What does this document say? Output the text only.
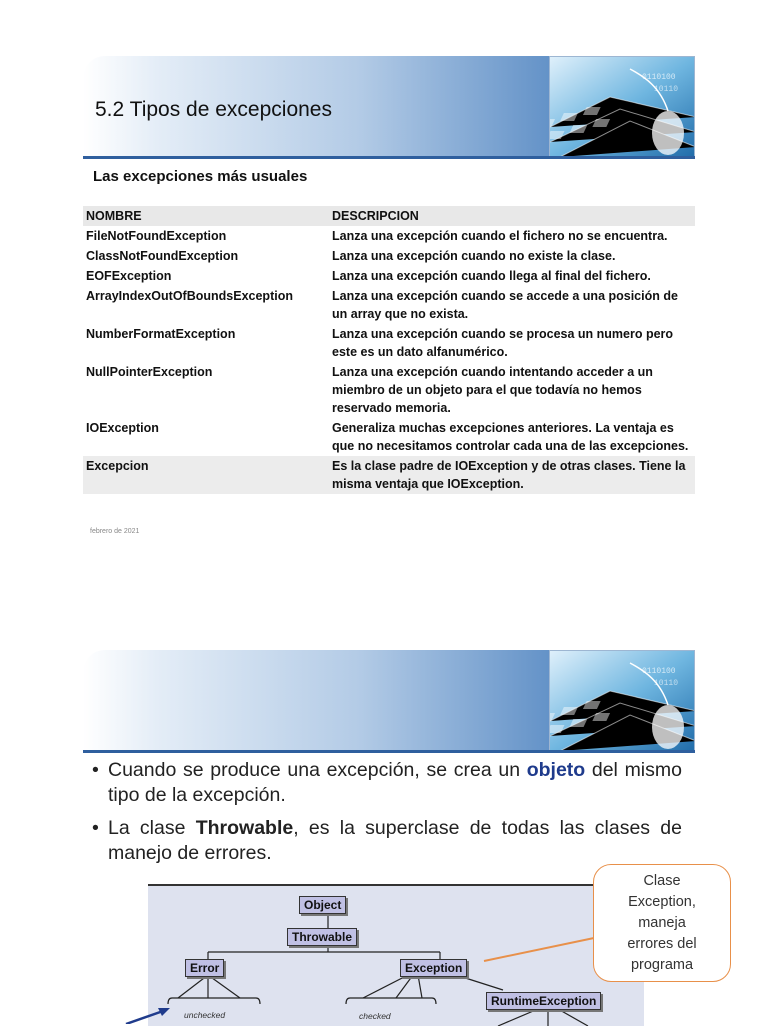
0110100
10110
5.2 Tipos de excepciones
Las excepciones más usuales
NOMBRE	DESCRIPCION
FileNotFoundException	Lanza una excepción cuando el fichero no se encuentra.
ClassNotFoundException	Lanza una excepción cuando no existe la clase.
EOFException	Lanza una excepción cuando llega al final del fichero.
ArrayIndexOutOfBoundsException	Lanza una excepción cuando se accede a una posición de un array que no exista.
NumberFormatException	Lanza una excepción cuando se procesa un numero pero este es un dato alfanumérico.
NullPointerException	Lanza una excepción cuando intentando acceder a un miembro de un objeto para el que todavía no hemos reservado memoria.
IOException	Generaliza muchas excepciones anteriores. La ventaja es que no necesitamos controlar cada una de las excepciones.
Excepcion	Es la clase padre de IOException y de otras clases. Tiene la misma ventaja que IOException.
febrero de 2021
0110100
10110
• Cuando se produce una excepción, se crea un objeto del mismo tipo de la excepción.
• La clase Throwable, es la superclase de todas las clases de manejo de errores.
Object
Throwable
Error	Exception
RuntimeException
unchecked	checked
Clase
Exception,
maneja
errores del
programa
